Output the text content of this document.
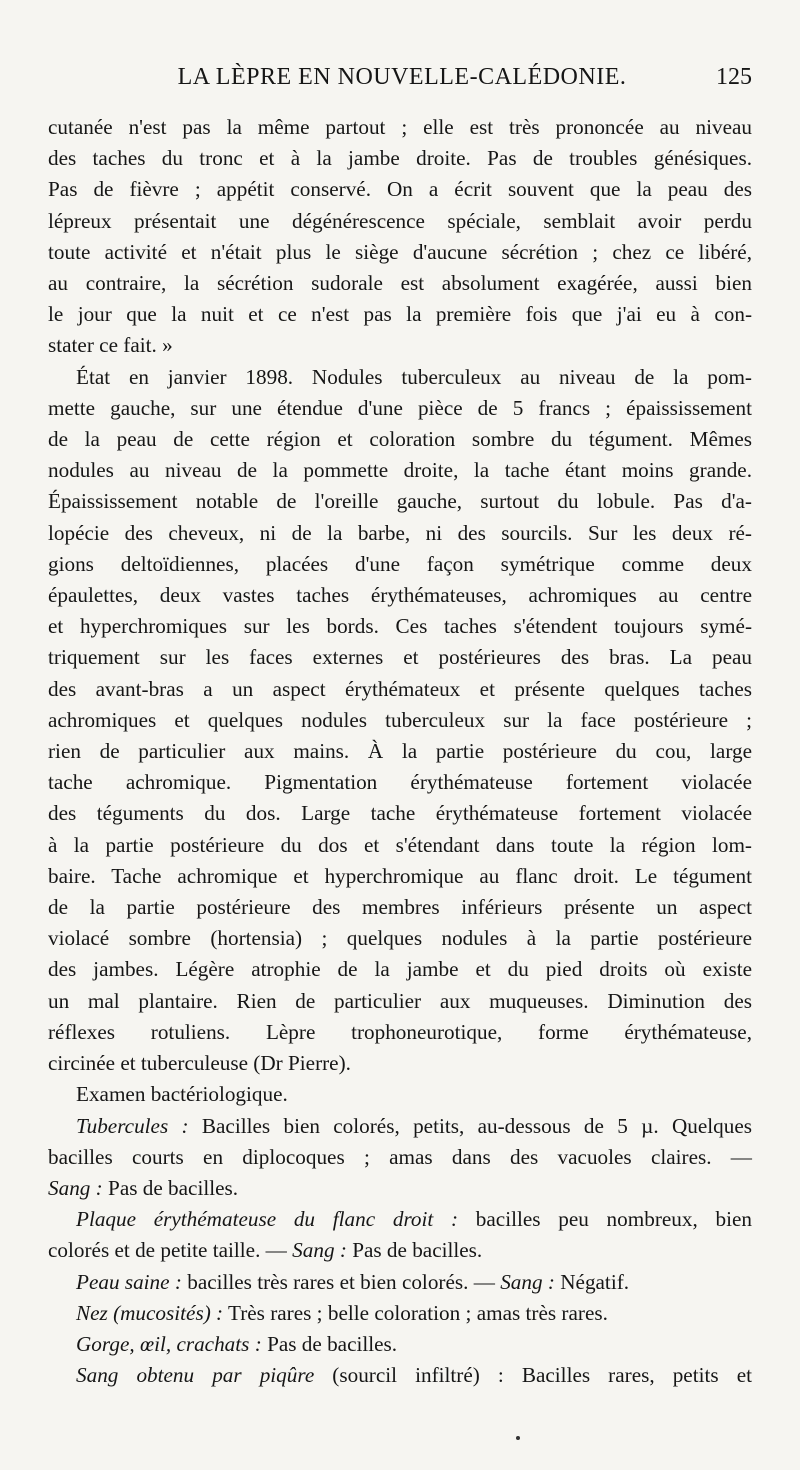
LA LÈPRE EN NOUVELLE-CALÉDONIE.	125
cutanée n'est pas la même partout ; elle est très prononcée au niveau
des taches du tronc et à la jambe droite. Pas de troubles génésiques.
Pas de fièvre ; appétit conservé. On a écrit souvent que la peau des
lépreux présentait une dégénérescence spéciale, semblait avoir perdu
toute activité et n'était plus le siège d'aucune sécrétion ; chez ce libéré,
au contraire, la sécrétion sudorale est absolument exagérée, aussi bien
le jour que la nuit et ce n'est pas la première fois que j'ai eu à con-
stater ce fait. »
État en janvier 1898. Nodules tuberculeux au niveau de la pom-
mette gauche, sur une étendue d'une pièce de 5 francs ; épaississement
de la peau de cette région et coloration sombre du tégument. Mêmes
nodules au niveau de la pommette droite, la tache étant moins grande.
Épaississement notable de l'oreille gauche, surtout du lobule. Pas d'a-
lopécie des cheveux, ni de la barbe, ni des sourcils. Sur les deux ré-
gions deltoïdiennes, placées d'une façon symétrique comme deux
épaulettes, deux vastes taches érythémateuses, achromiques au centre
et hyperchromiques sur les bords. Ces taches s'étendent toujours symé-
triquement sur les faces externes et postérieures des bras. La peau
des avant-bras a un aspect érythémateux et présente quelques taches
achromiques et quelques nodules tuberculeux sur la face postérieure ;
rien de particulier aux mains. À la partie postérieure du cou, large
tache achromique. Pigmentation érythémateuse fortement violacée
des téguments du dos. Large tache érythémateuse fortement violacée
à la partie postérieure du dos et s'étendant dans toute la région lom-
baire. Tache achromique et hyperchromique au flanc droit. Le tégument
de la partie postérieure des membres inférieurs présente un aspect
violacé sombre (hortensia) ; quelques nodules à la partie postérieure
des jambes. Légère atrophie de la jambe et du pied droits où existe
un mal plantaire. Rien de particulier aux muqueuses. Diminution des
réflexes rotuliens. Lèpre trophoneurotique, forme érythémateuse,
circinée et tuberculeuse (Dr Pierre).
Examen bactériologique.
Tubercules : Bacilles bien colorés, petits, au-dessous de 5 µ. Quelques
bacilles courts en diplocoques ; amas dans des vacuoles claires. —
Sang : Pas de bacilles.
Plaque érythémateuse du flanc droit : bacilles peu nombreux, bien
colorés et de petite taille. — Sang : Pas de bacilles.
Peau saine : bacilles très rares et bien colorés. — Sang : Négatif.
Nez (mucosités) : Très rares ; belle coloration ; amas très rares.
Gorge, œil, crachats : Pas de bacilles.
Sang obtenu par piqûre (sourcil infiltré) : Bacilles rares, petits et
